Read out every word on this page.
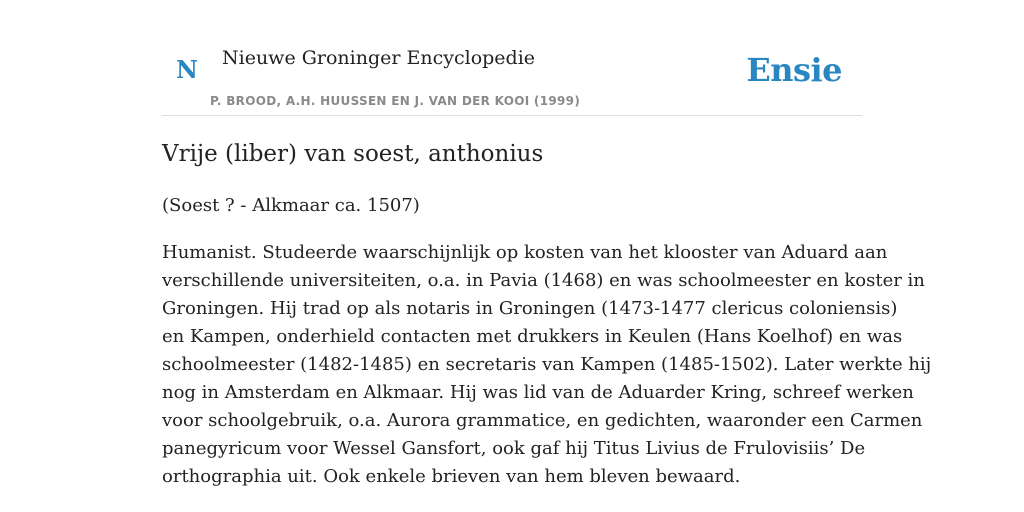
N Nieuwe Groninger Encyclopedie
P. BROOD, A.H. HUUSSEN EN J. VAN DER KOOI (1999)
Ensie
Vrije (liber) van soest, anthonius

(Soest ? - Alkmaar ca. 1507)

Humanist. Studeerde waarschijnlijk op kosten van het klooster van Aduard aan
verschillende universiteiten, o.a. in Pavia (1468) en was schoolmeester en koster in
Groningen. Hij trad op als notaris in Groningen (1473-1477 clericus coloniensis)
en Kampen, onderhield contacten met drukkers in Keulen (Hans Koelhof) en was
schoolmeester (1482-1485) en secretaris van Kampen (1485-1502). Later werkte hij
nog in Amsterdam en Alkmaar. Hij was lid van de Aduarder Kring, schreef werken
voor schoolgebruik, o.a. Aurora grammatice, en gedichten, waaronder een Carmen
panegyricum voor Wessel Gansfort, ook gaf hij Titus Livius de Frulovisiis’ De
orthographia uit. Ook enkele brieven van hem bleven bewaard.
